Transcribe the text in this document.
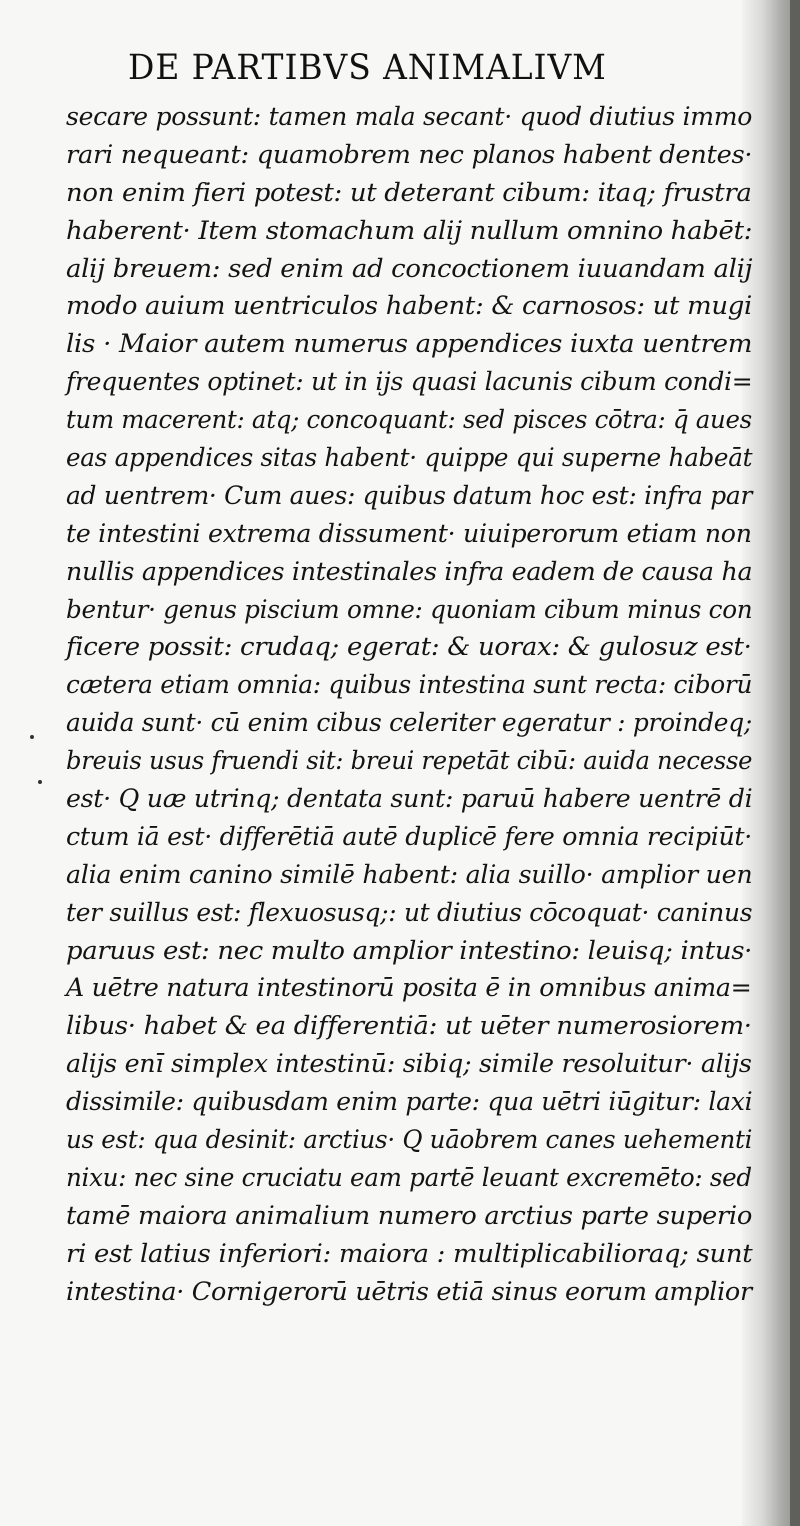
DE PARTIBVS ANIMALIVM
secare possunt: tamen mala secant· quod diutius immo
rari nequeant: quamobrem nec planos habent dentes·
non enim fieri potest: ut deterant cibum: itaq; frustra
haberent· Item stomachum alij nullum omnino habēt:
alij breuem: sed enim ad concoctionem iuuandam alij
modo auium uentriculos habent: & carnosos: ut mugi
lis · Maior autem numerus appendices iuxta uentrem
frequentes optinet: ut in ijs quasi lacunis cibum condi=
tum macerent: atq; concoquant: sed pisces cōtra: q̄ aues
eas appendices sitas habent· quippe qui superne habeāt
ad uentrem· Cum aues: quibus datum hoc est: infra par
te intestini extrema dissument· uiuiperorum etiam non
nullis appendices intestinales infra eadem de causa ha
bentur· genus piscium omne: quoniam cibum minus con
ficere possit: crudaq; egerat: & uorax: & gulosuz est·
cætera etiam omnia: quibus intestina sunt recta: ciborū
auida sunt· cū enim cibus celeriter egeratur : proindeq;
breuis usus fruendi sit: breui repetāt cibū: auida necesse
est· Q uæ utrinq; dentata sunt: paruū habere uentrē di
ctum iā est· differētiā autē duplicē fere omnia recipiūt·
alia enim canino similē habent: alia suillo· amplior uen
ter suillus est: flexuosusq;: ut diutius cōcoquat· caninus
paruus est: nec multo amplior intestino: leuisq; intus·
A uētre natura intestinorū posita ē in omnibus anima=
libus· habet & ea differentiā: ut uēter numerosiorem·
alijs enī simplex intestinū: sibiq; simile resoluitur· alijs
dissimile: quibusdam enim parte: qua uētri iūgitur: laxi
us est: qua desinit: arctius· Q uāobrem canes uehementi
nixu: nec sine cruciatu eam partē leuant excremēto: sed
tamē maiora animalium numero arctius parte superio
ri est latius inferiori: maiora : multiplicabilioraq; sunt
intestina· Cornigerorū uētris etiā sinus eorum amplior
